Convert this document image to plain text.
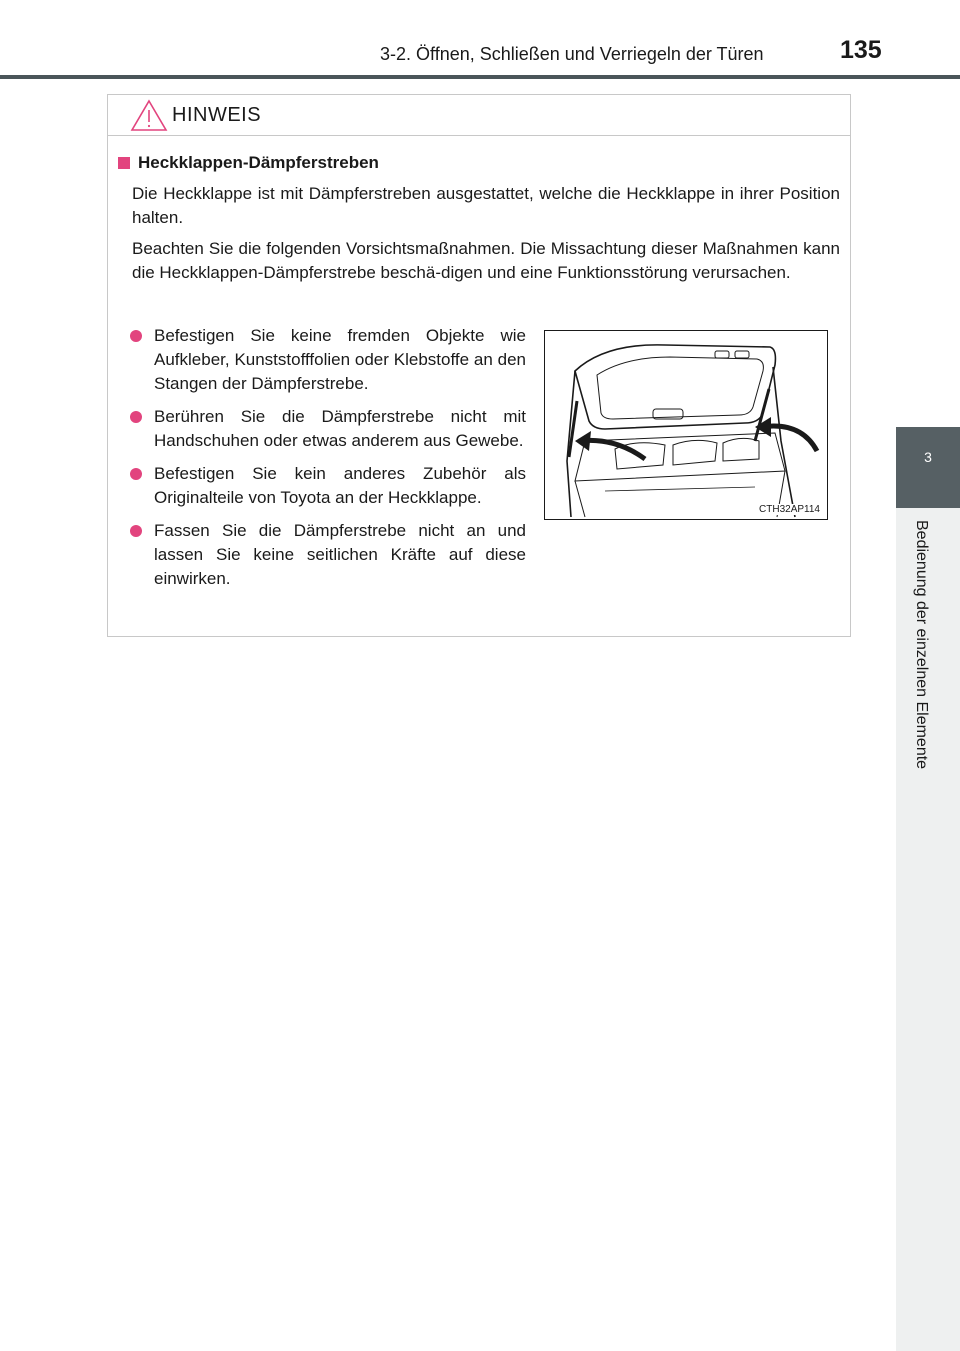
3-2. Öffnen, Schließen und Verriegeln der Türen	135
3
Bedienung der einzelnen Elemente
HINWEIS
Heckklappen-Dämpferstreben
Die Heckklappe ist mit Dämpferstreben ausgestattet, welche die Heckklappe in ihrer Position halten.
Beachten Sie die folgenden Vorsichtsmaßnahmen. Die Missachtung dieser Maßnahmen kann die Heckklappen-Dämpferstrebe beschä-digen und eine Funktionsstörung verursachen.
Befestigen Sie keine fremden Objekte wie Aufkleber, Kunststofffolien oder Klebstoffe an den Stangen der Dämpferstrebe.
Berühren Sie die Dämpferstrebe nicht mit Handschuhen oder etwas anderem aus Gewebe.
Befestigen Sie kein anderes Zubehör als Originalteile von Toyota an der Heckklappe.
Fassen Sie die Dämpferstrebe nicht an und lassen Sie keine seitlichen Kräfte auf diese einwirken.
CTH32AP114
